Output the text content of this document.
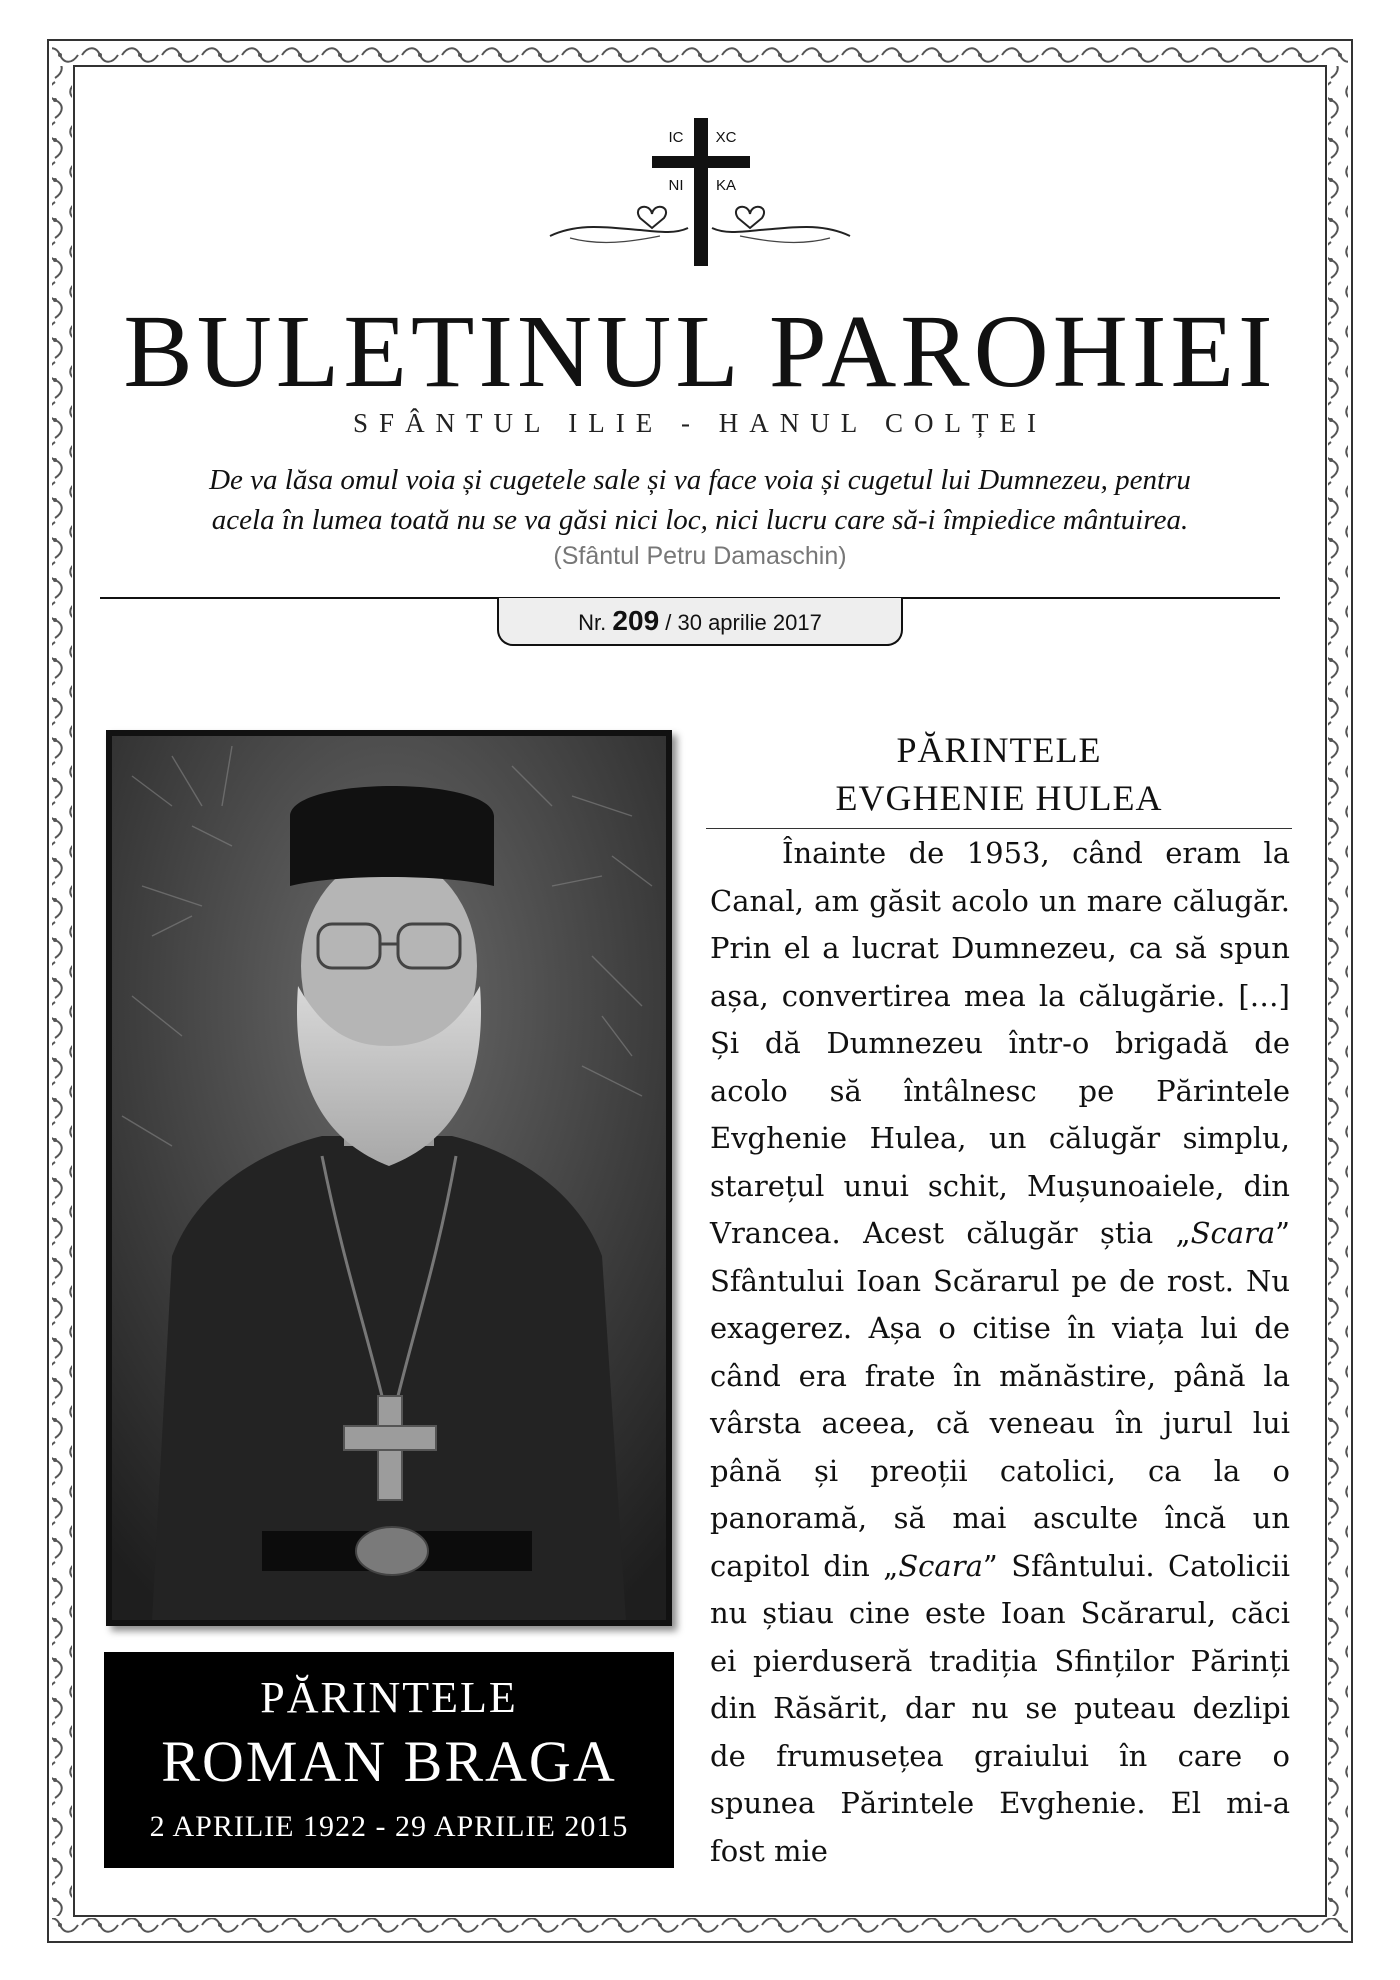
IC XC
NI KA
BULETINUL PAROHIEI
SFÂNTUL ILIE - HANUL COLȚEI
De va lăsa omul voia și cugetele sale și va face voia și cugetul lui Dumnezeu, pentru
acela în lumea toată nu se va găsi nici loc, nici lucru care să-i împiedice mântuirea.
(Sfântul Petru Damaschin)
Nr. 209 / 30 aprilie 2017
PĂRINTELE
ROMAN BRAGA
2 APRILIE 1922 - 29 APRILIE 2015
PĂRINTELE
EVGHENIE HULEA

Înainte de 1953, când eram la Canal, am găsit acolo un mare călugăr. Prin el a lucrat Dumnezeu, ca să spun așa, convertirea mea la călugărie. […] Și dă Dumnezeu într-o brigadă de acolo să întâlnesc pe Părintele Evghenie Hulea, un călugăr simplu, starețul unui schit, Mușunoaiele, din Vrancea. Acest călugăr știa „Scara” Sfântului Ioan Scărarul pe de rost. Nu exagerez. Așa o citise în viața lui de când era frate în mănăstire, până la vârsta aceea, că veneau în jurul lui până și preoții catolici, ca la o panoramă, să mai asculte încă un capitol din „Scara” Sfântului. Catolicii nu știau cine este Ioan Scărarul, căci ei pierduseră tradiția Sfinților Părinți din Răsărit, dar nu se puteau dezlipi de frumusețea graiului în care o spunea Părintele Evghenie. El mi-a fost mie
